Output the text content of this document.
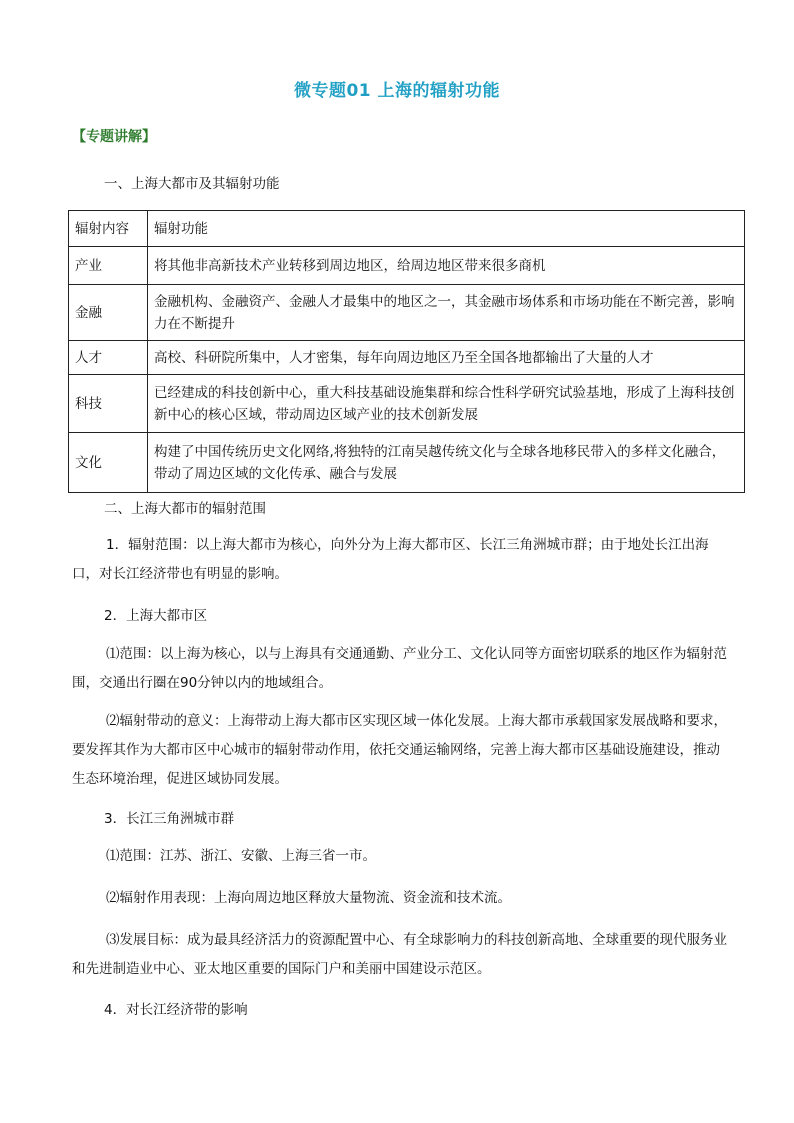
微专题01 上海的辐射功能
【专题讲解】
一、上海大都市及其辐射功能
辐射内容	辐射功能
产业	将其他非高新技术产业转移到周边地区，给周边地区带来很多商机
金融	金融机构、金融资产、金融人才最集中的地区之一，其金融市场体系和市场功能在不断完善，影响力在不断提升
人才	高校、科研院所集中，人才密集，每年向周边地区乃至全国各地都输出了大量的人才
科技	已经建成的科技创新中心，重大科技基础设施集群和综合性科学研究试验基地，形成了上海科技创新中心的核心区域，带动周边区域产业的技术创新发展
文化	构建了中国传统历史文化网络,将独特的江南吴越传统文化与全球各地移民带入的多样文化融合，带动了周边区域的文化传承、融合与发展
二、上海大都市的辐射范围
1．辐射范围：以上海大都市为核心，向外分为上海大都市区、长江三角洲城市群；由于地处长江出海口，对长江经济带也有明显的影响。
2．上海大都市区
⑴范围：以上海为核心，以与上海具有交通通勤、产业分工、文化认同等方面密切联系的地区作为辐射范围，交通出行圈在90分钟以内的地域组合。
⑵辐射带动的意义：上海带动上海大都市区实现区域一体化发展。上海大都市承载国家发展战略和要求，要发挥其作为大都市区中心城市的辐射带动作用，依托交通运输网络，完善上海大都市区基础设施建设，推动生态环境治理，促进区域协同发展。
3．长江三角洲城市群
⑴范围：江苏、浙江、安徽、上海三省一市。
⑵辐射作用表现：上海向周边地区释放大量物流、资金流和技术流。
⑶发展目标：成为最具经济活力的资源配置中心、有全球影响力的科技创新高地、全球重要的现代服务业和先进制造业中心、亚太地区重要的国际门户和美丽中国建设示范区。
4．对长江经济带的影响
